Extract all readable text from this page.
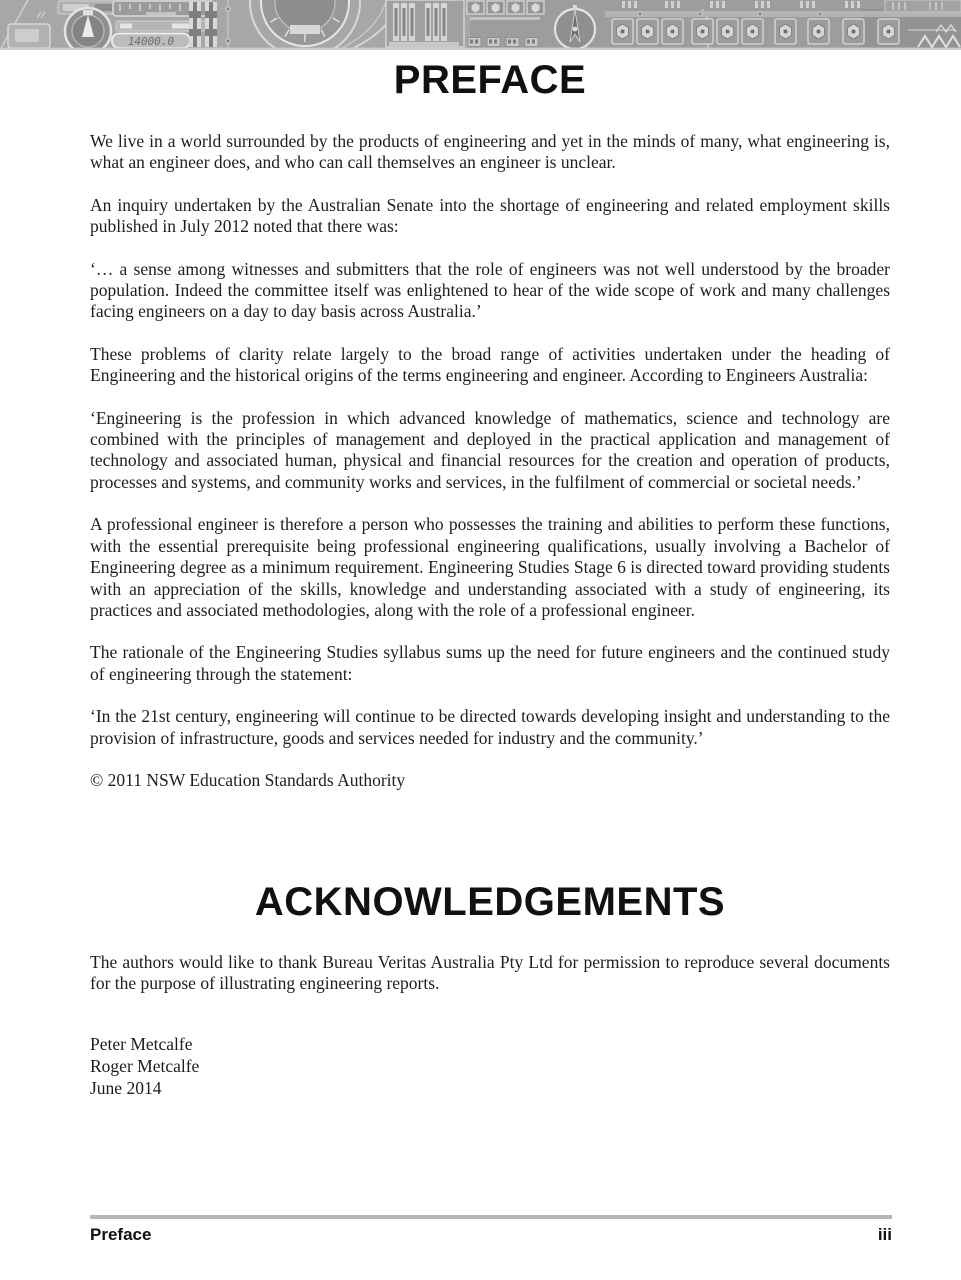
14000.0
PREFACE

We live in a world surrounded by the products of engineering and yet in the minds of many, what engineering is, what an engineer does, and who can call themselves an engineer is unclear.

An inquiry undertaken by the Australian Senate into the shortage of engineering and related employment skills published in July 2012 noted that there was:

‘… a sense among witnesses and submitters that the role of engineers was not well understood by the broader population. Indeed the committee itself was enlightened to hear of the wide scope of work and many challenges facing engineers on a day to day basis across Australia.’

These problems of clarity relate largely to the broad range of activities undertaken under the heading of Engineering and the historical origins of the terms engineering and engineer. According to Engineers Australia:

‘Engineering is the profession in which advanced knowledge of mathematics, science and technology are combined with the principles of management and deployed in the practical application and management of technology and associated human, physical and financial resources for the creation and operation of products, processes and systems, and community works and services, in the fulfilment of commercial or societal needs.’

A professional engineer is therefore a person who possesses the training and abilities to perform these functions, with the essential prerequisite being professional engineering qualifications, usually involving a Bachelor of Engineering degree as a minimum requirement. Engineering Studies Stage 6 is directed toward providing students with an appreciation of the skills, knowledge and understanding associated with a study of engineering, its practices and associated methodologies, along with the role of a professional engineer.

The rationale of the Engineering Studies syllabus sums up the need for future engineers and the continued study of engineering through the statement:

‘In the 21st century, engineering will continue to be directed towards developing insight and understanding to the provision of infrastructure, goods and services needed for industry and the community.’

© 2011 NSW Education Standards Authority

ACKNOWLEDGEMENTS

The authors would like to thank Bureau Veritas Australia Pty Ltd for permission to reproduce several documents for the purpose of illustrating engineering reports.

Peter Metcalfe

Roger Metcalfe

June 2014

Preface	iii
